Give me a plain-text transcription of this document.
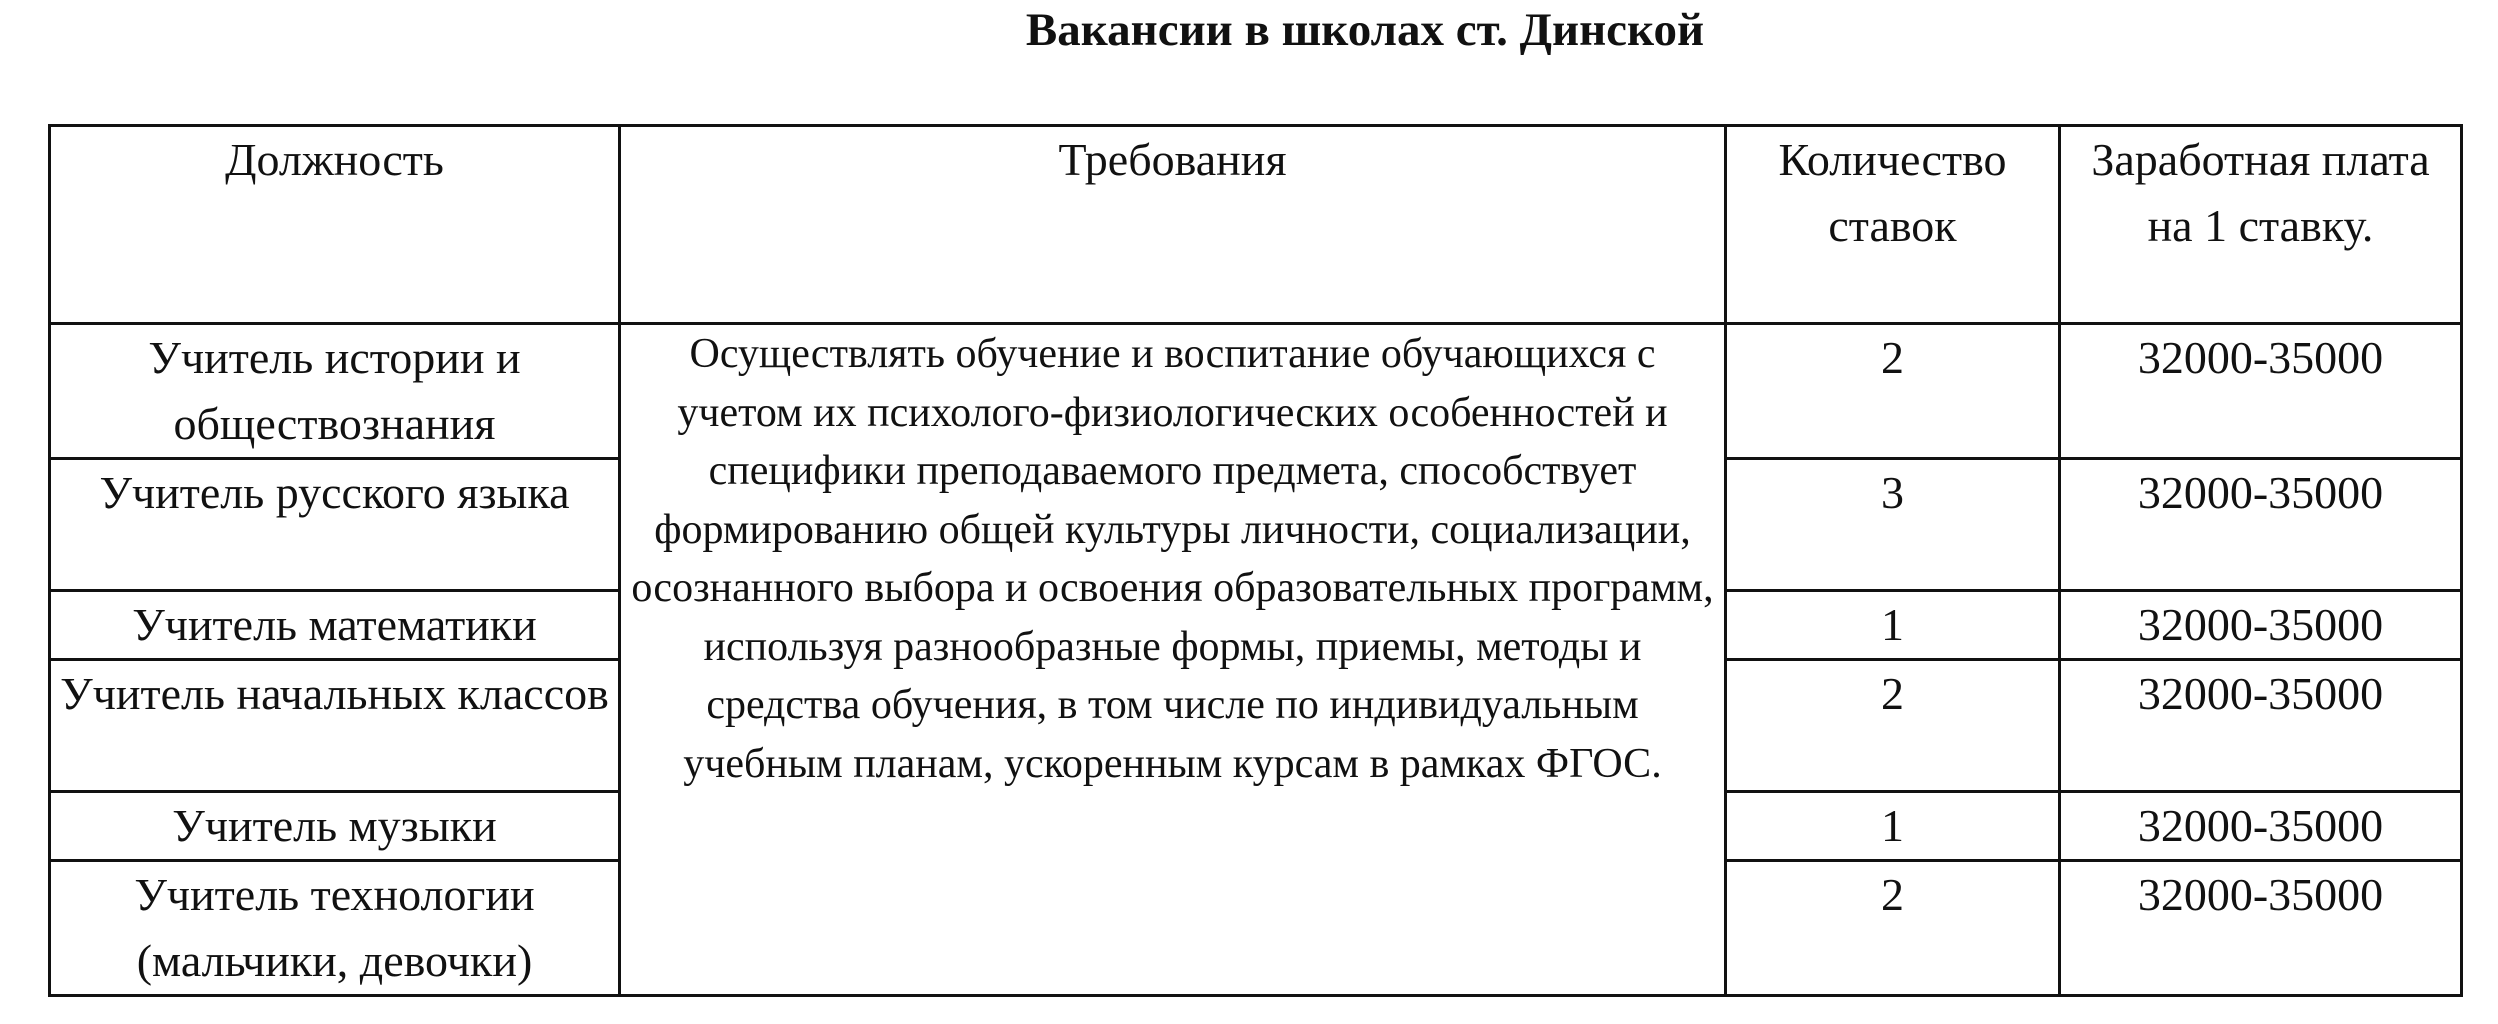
Вакансии в школах ст. Динской
Должность	Требования	Количество ставок	Заработная плата на 1 ставку.
Учитель истории и обществознания	Осуществлять обучение и воспитание обучающихся с учетом их психолого-физиологических особенностей и специфики преподаваемого предмета, способствует формированию общей культуры личности, социализации, осознанного выбора и освоения образовательных программ, используя разнообразные формы, приемы, методы и средства обучения, в том числе по индивидуальным учебным планам, ускоренным курсам в рамках ФГОС.	2	32000-35000
Учитель русского языка		3	32000-35000
Учитель математики		1	32000-35000
Учитель начальных классов		2	32000-35000
Учитель музыки		1	32000-35000
Учитель технологии (мальчики, девочки)		2	32000-35000
